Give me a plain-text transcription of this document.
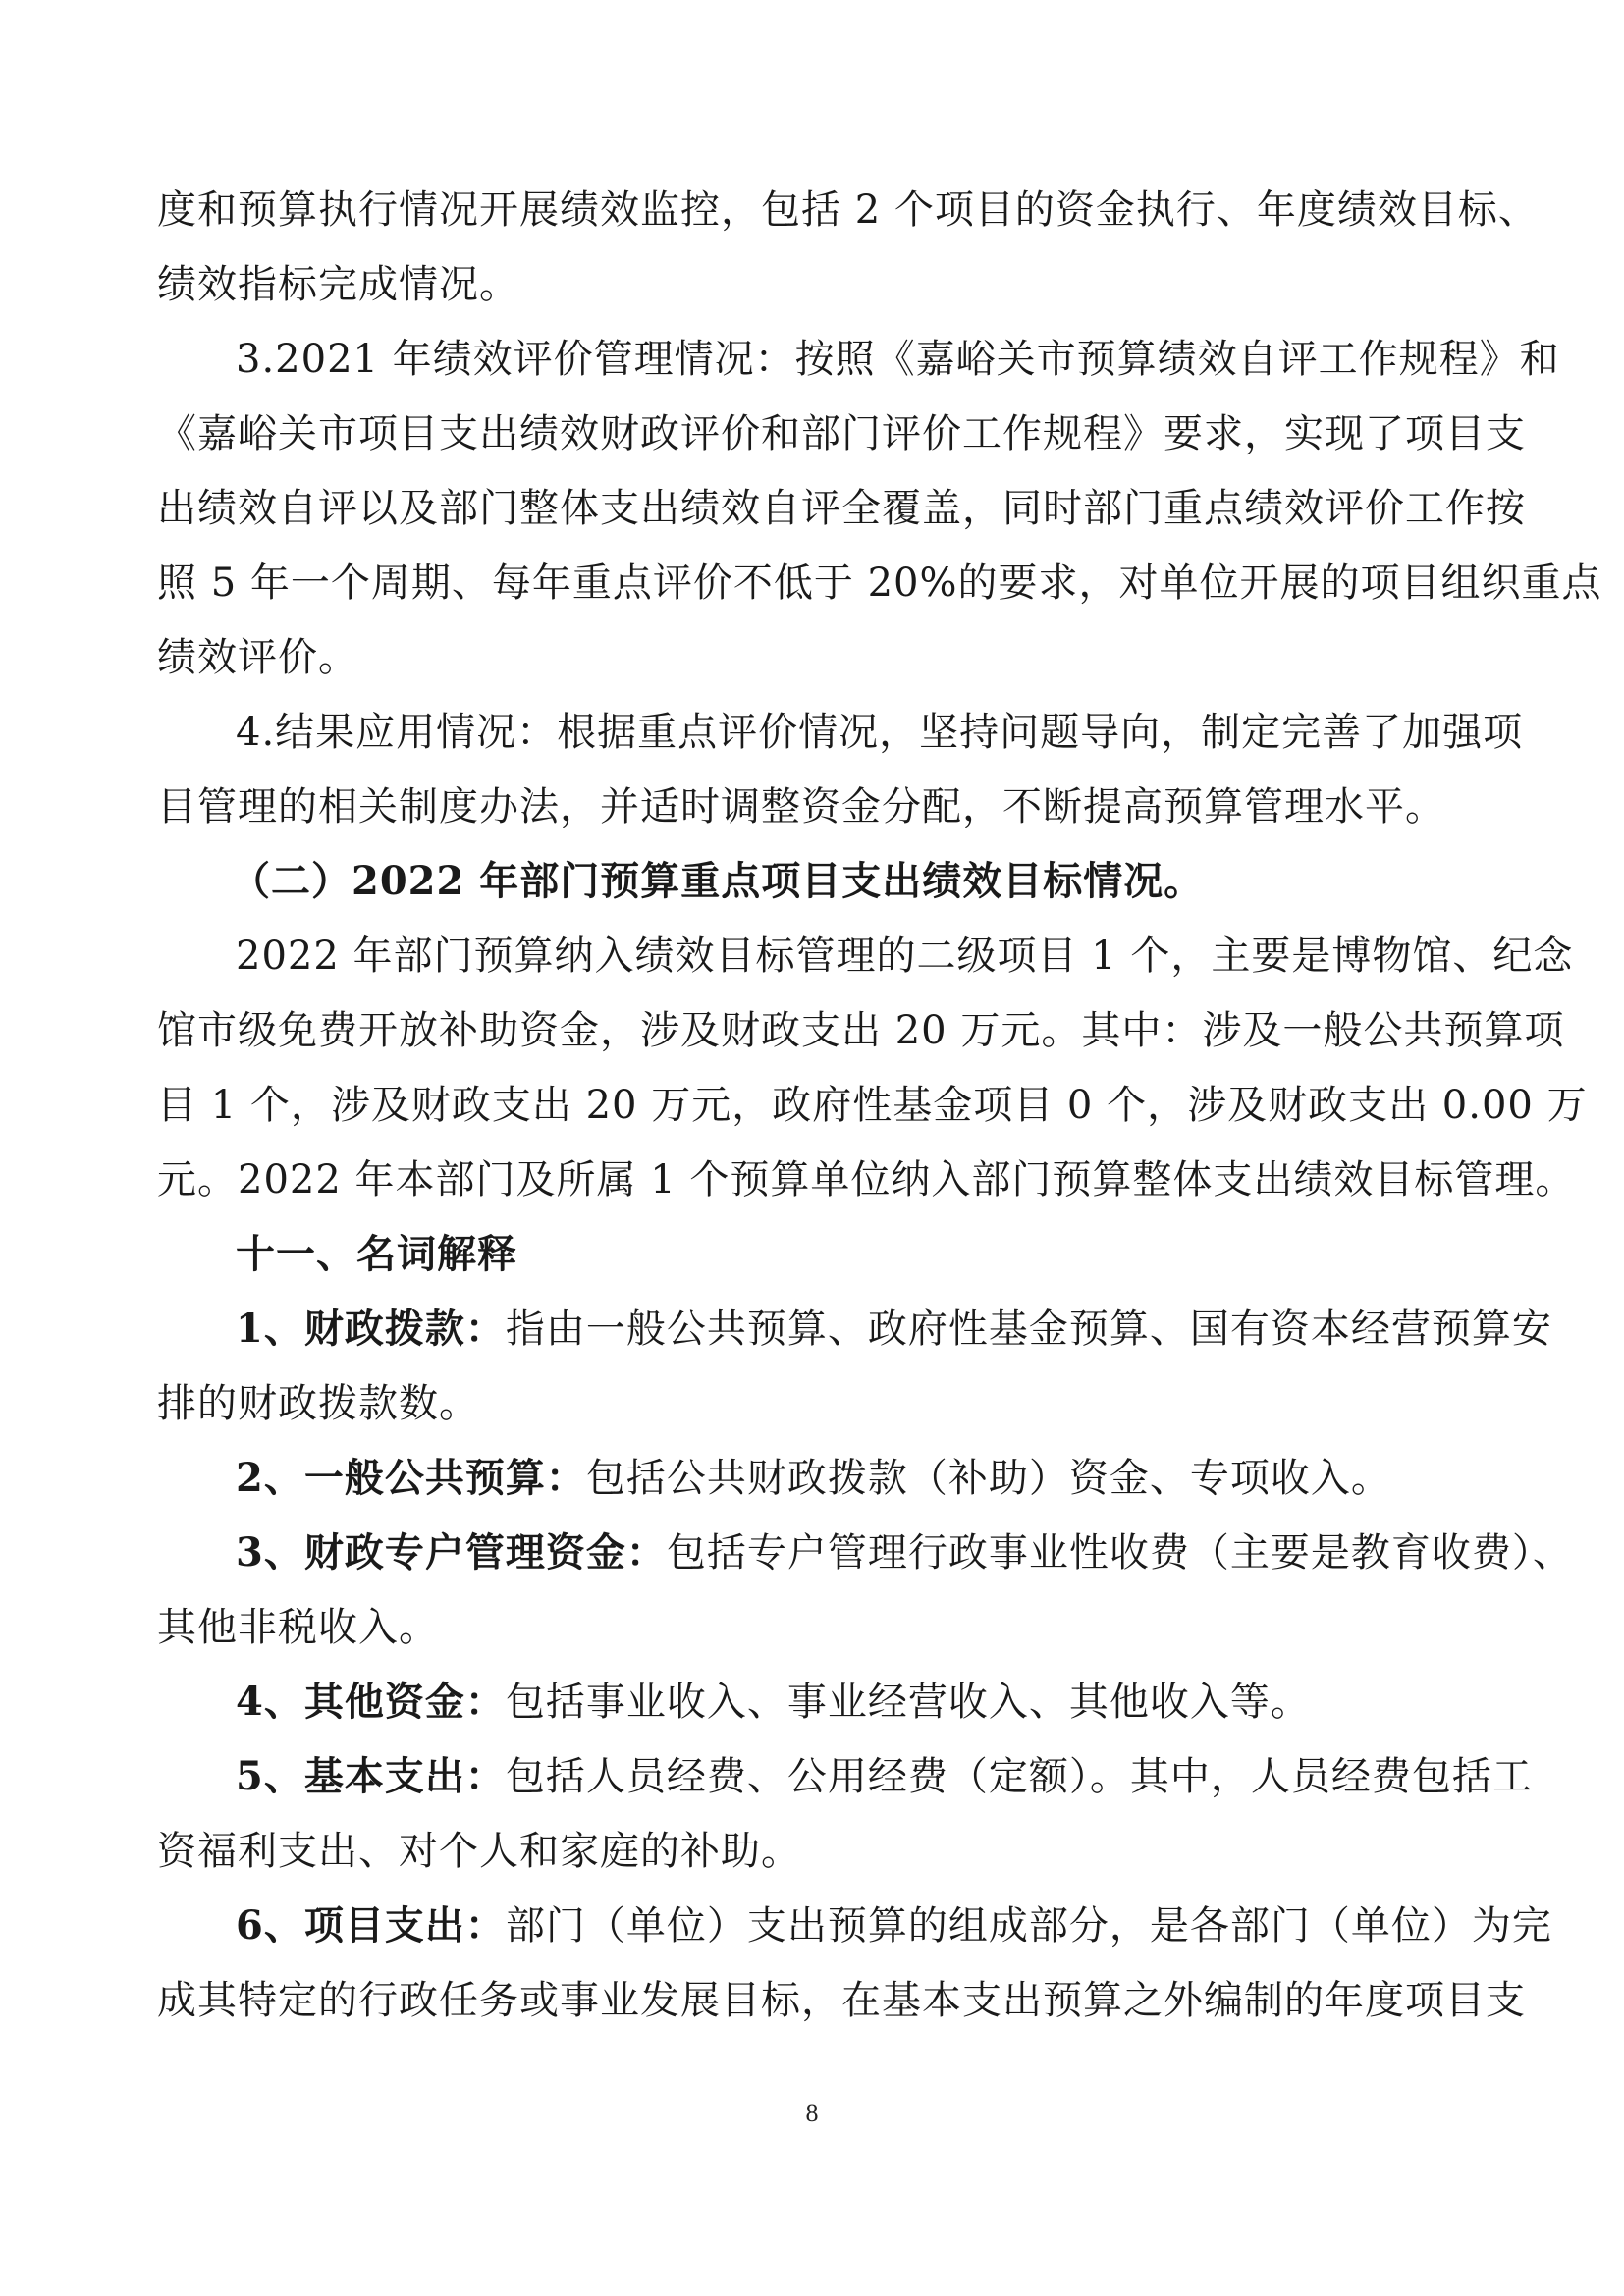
度和预算执行情况开展绩效监控，包括 2 个项目的资金执行、年度绩效目标、
绩效指标完成情况。
3.2021 年绩效评价管理情况：按照《嘉峪关市预算绩效自评工作规程》和
《嘉峪关市项目支出绩效财政评价和部门评价工作规程》要求，实现了项目支
出绩效自评以及部门整体支出绩效自评全覆盖，同时部门重点绩效评价工作按
照 5 年一个周期、每年重点评价不低于 20%的要求，对单位开展的项目组织重点
绩效评价。
4.结果应用情况：根据重点评价情况，坚持问题导向，制定完善了加强项
目管理的相关制度办法，并适时调整资金分配，不断提高预算管理水平。
（二）2022 年部门预算重点项目支出绩效目标情况。
2022 年部门预算纳入绩效目标管理的二级项目 1 个，主要是博物馆、纪念
馆市级免费开放补助资金，涉及财政支出 20 万元。其中：涉及一般公共预算项
目 1 个，涉及财政支出 20 万元，政府性基金项目 0 个，涉及财政支出 0.00 万
元。2022 年本部门及所属 1 个预算单位纳入部门预算整体支出绩效目标管理。
十一、名词解释
1、财政拨款：指由一般公共预算、政府性基金预算、国有资本经营预算安
排的财政拨款数。
2、一般公共预算：包括公共财政拨款（补助）资金、专项收入。
3、财政专户管理资金：包括专户管理行政事业性收费（主要是教育收费）、
其他非税收入。
4、其他资金：包括事业收入、事业经营收入、其他收入等。
5、基本支出：包括人员经费、公用经费（定额）。其中，人员经费包括工
资福利支出、对个人和家庭的补助。
6、项目支出：部门（单位）支出预算的组成部分，是各部门（单位）为完
成其特定的行政任务或事业发展目标，在基本支出预算之外编制的年度项目支
8
